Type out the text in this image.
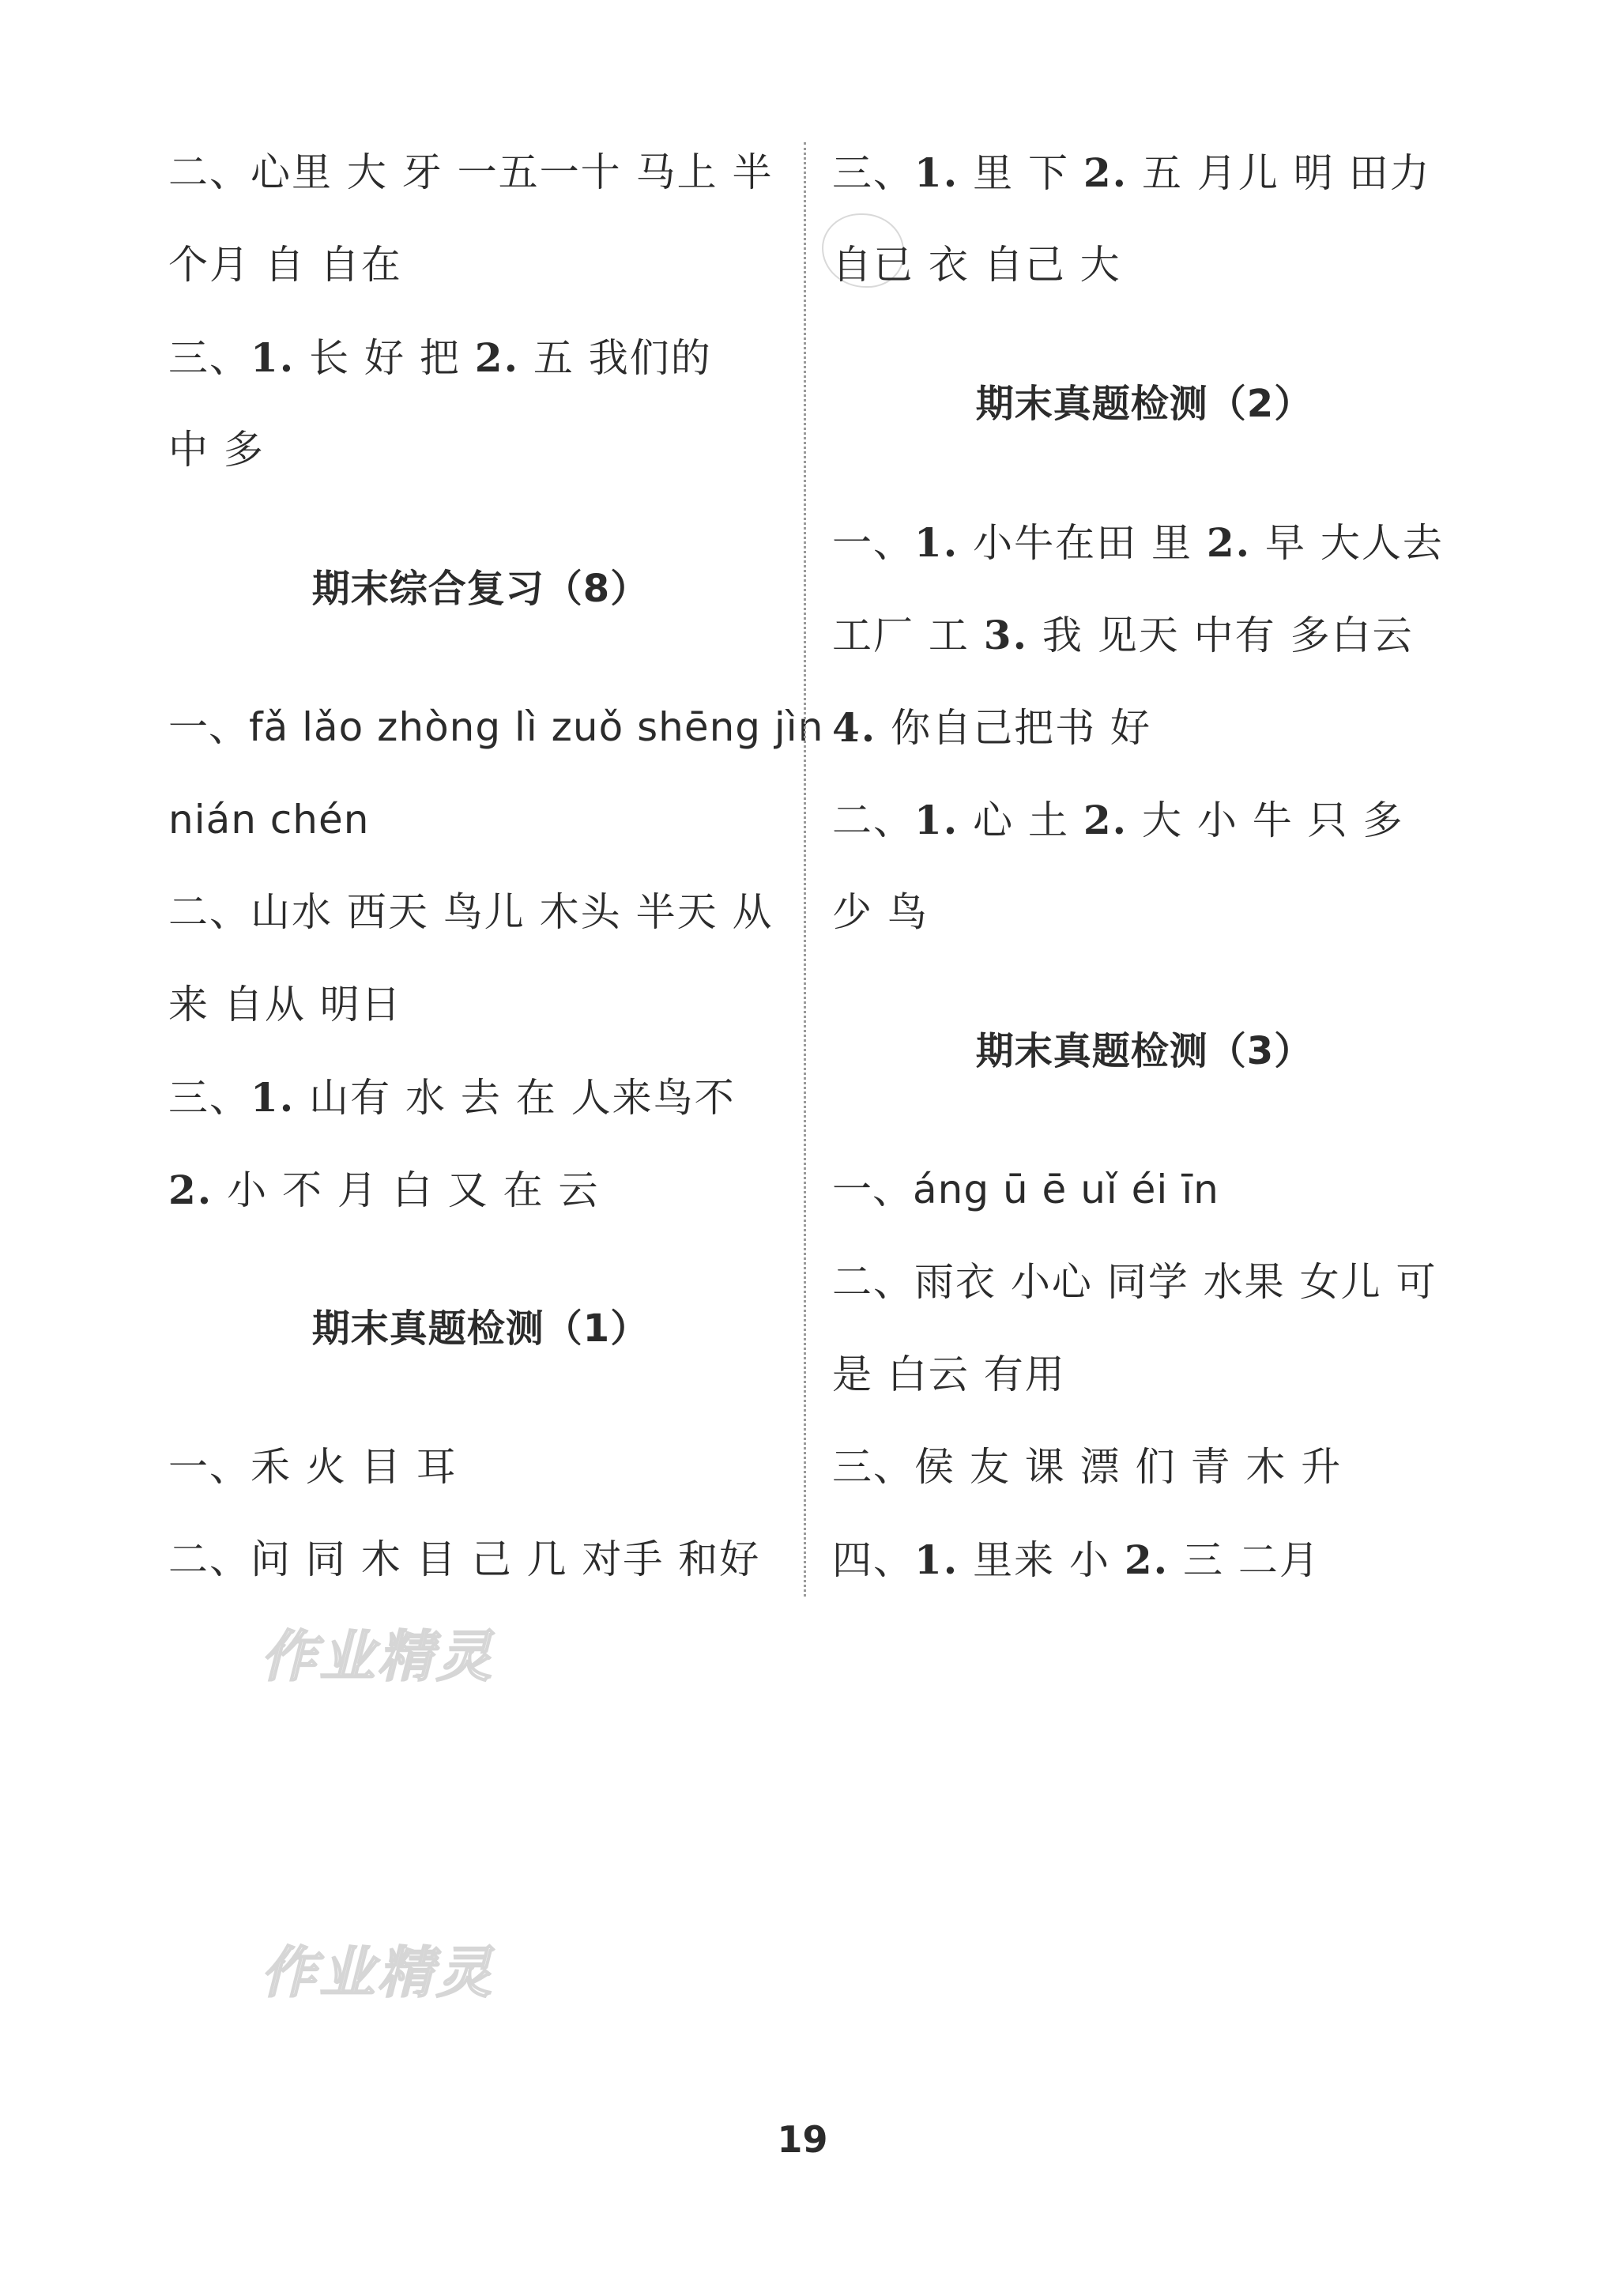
二、心里 大 牙 一五一十 马上 半
个月 自 自在
三、1. 长 好 把 2. 五 我们的
中 多
期末综合复习（8）
一、fǎ lǎo zhòng lì zuǒ shēng jìn
nián chén
二、山水 西天 鸟儿 木头 半天 从
来 自从 明日
三、1. 山有 水 去 在 人来鸟不
2. 小 不 月 白 又 在 云
期末真题检测（1）
一、禾 火 目 耳
二、问 同 木 目 己 几 对手 和好
三、1. 里 下 2. 五 月儿 明 田力
自已 衣 自己 大
期末真题检测（2）
一、1. 小牛在田 里 2. 早 大人去
工厂 工 3. 我 见天 中有 多白云
4. 你自己把书 好
二、1. 心 土 2. 大 小 牛 只 多
少 鸟
期末真题检测（3）
一、áng ū ē uǐ éi īn
二、雨衣 小心 同学 水果 女儿 可
是 白云 有用
三、侯 友 课 漂 们 青 木 升
四、1. 里来 小 2. 三 二月
作业精灵
作业精灵
19
